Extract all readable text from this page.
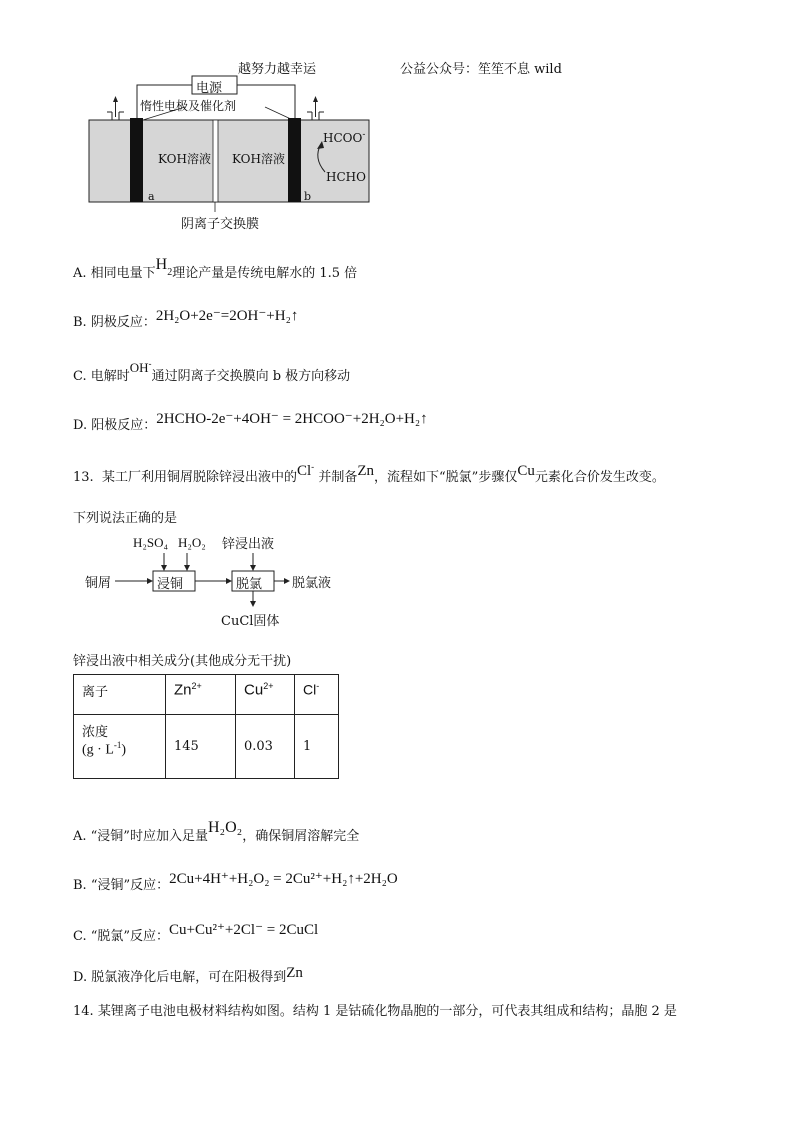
越努力越幸运	公益公众号：笙笙不息 wild
电源
惰性电极及催化剂
KOH溶液 KOH溶液
a	b
HCOO-
HCHO
阴离子交换膜
A. 相同电量下$H_2$理论产量是传统电解水的 1.5 倍
B. 阴极反应：2H₂O+2e⁻=2OH⁻+H₂↑
C. 电解时OH-通过阴离子交换膜向 b 极方向移动
D. 阳极反应：2HCHO-2e⁻+4OH⁻ = 2HCOO⁻+2H₂O+H₂↑
13. 某工厂利用铜屑脱除锌浸出液中的Cl- 并制备Zn，流程如下“脱氯”步骤仅Cu元素化合价发生改变。
下列说法正确的是
H₂SO₄ H₂O₂ 锌浸出液
铜屑	浸铜	脱氯 脱氯液
CuCl固体
锌浸出液中相关成分(其他成分无干扰)
离子	$Zn^{2+}$	$Cu^{2+}$	Cl-

浓度
$(g \cdot L^{-1})$	145	0.03	1
A. “浸铜”时应加入足量H₂O₂，确保铜屑溶解完全
B. “浸铜”反应：2Cu+4H⁺+H₂O₂ = 2Cu²⁺+H₂↑+2H₂O
C. “脱氯”反应：Cu+Cu²⁺+2Cl⁻ = 2CuCl
D. 脱氯液净化后电解，可在阳极得到Zn
14. 某锂离子电池电极材料结构如图。结构 1 是钴硫化物晶胞的一部分，可代表其组成和结构；晶胞 2 是
